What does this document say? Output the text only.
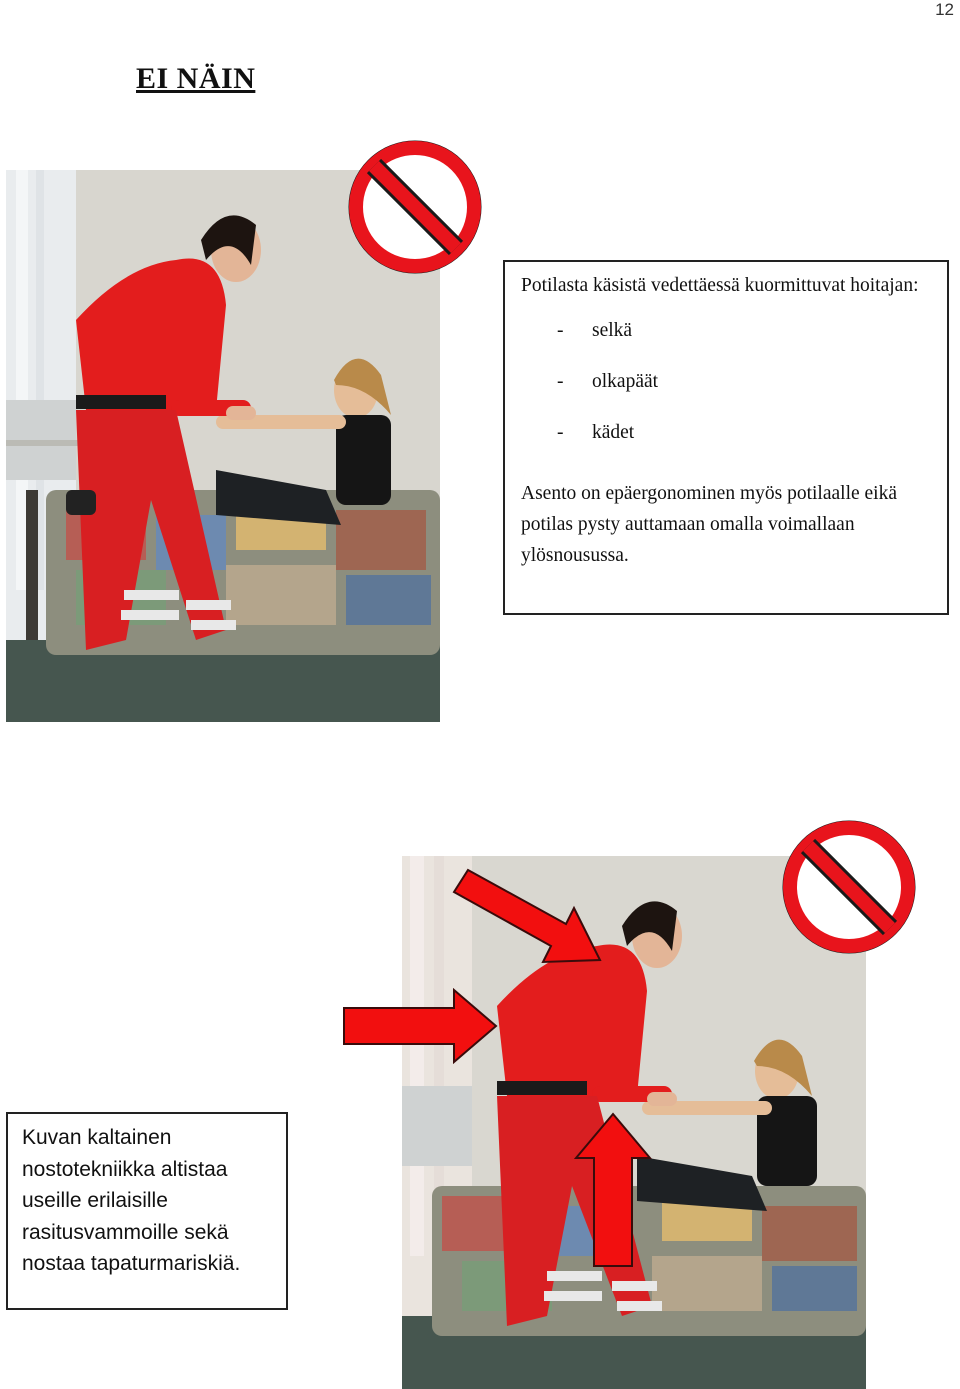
12
EI NÄIN

Potilasta käsistä vedettäessä kuormittuvat hoitajan:

-	selkä
-	olkapäät
-	kädet

Asento on epäergonominen myös potilaalle eikä potilas pysty auttamaan omalla voimallaan ylösnousussa.

Kuvan kaltainen nostotekniikka altistaa useille erilaisille rasitusvammoille sekä nostaa tapaturmariskiä.
